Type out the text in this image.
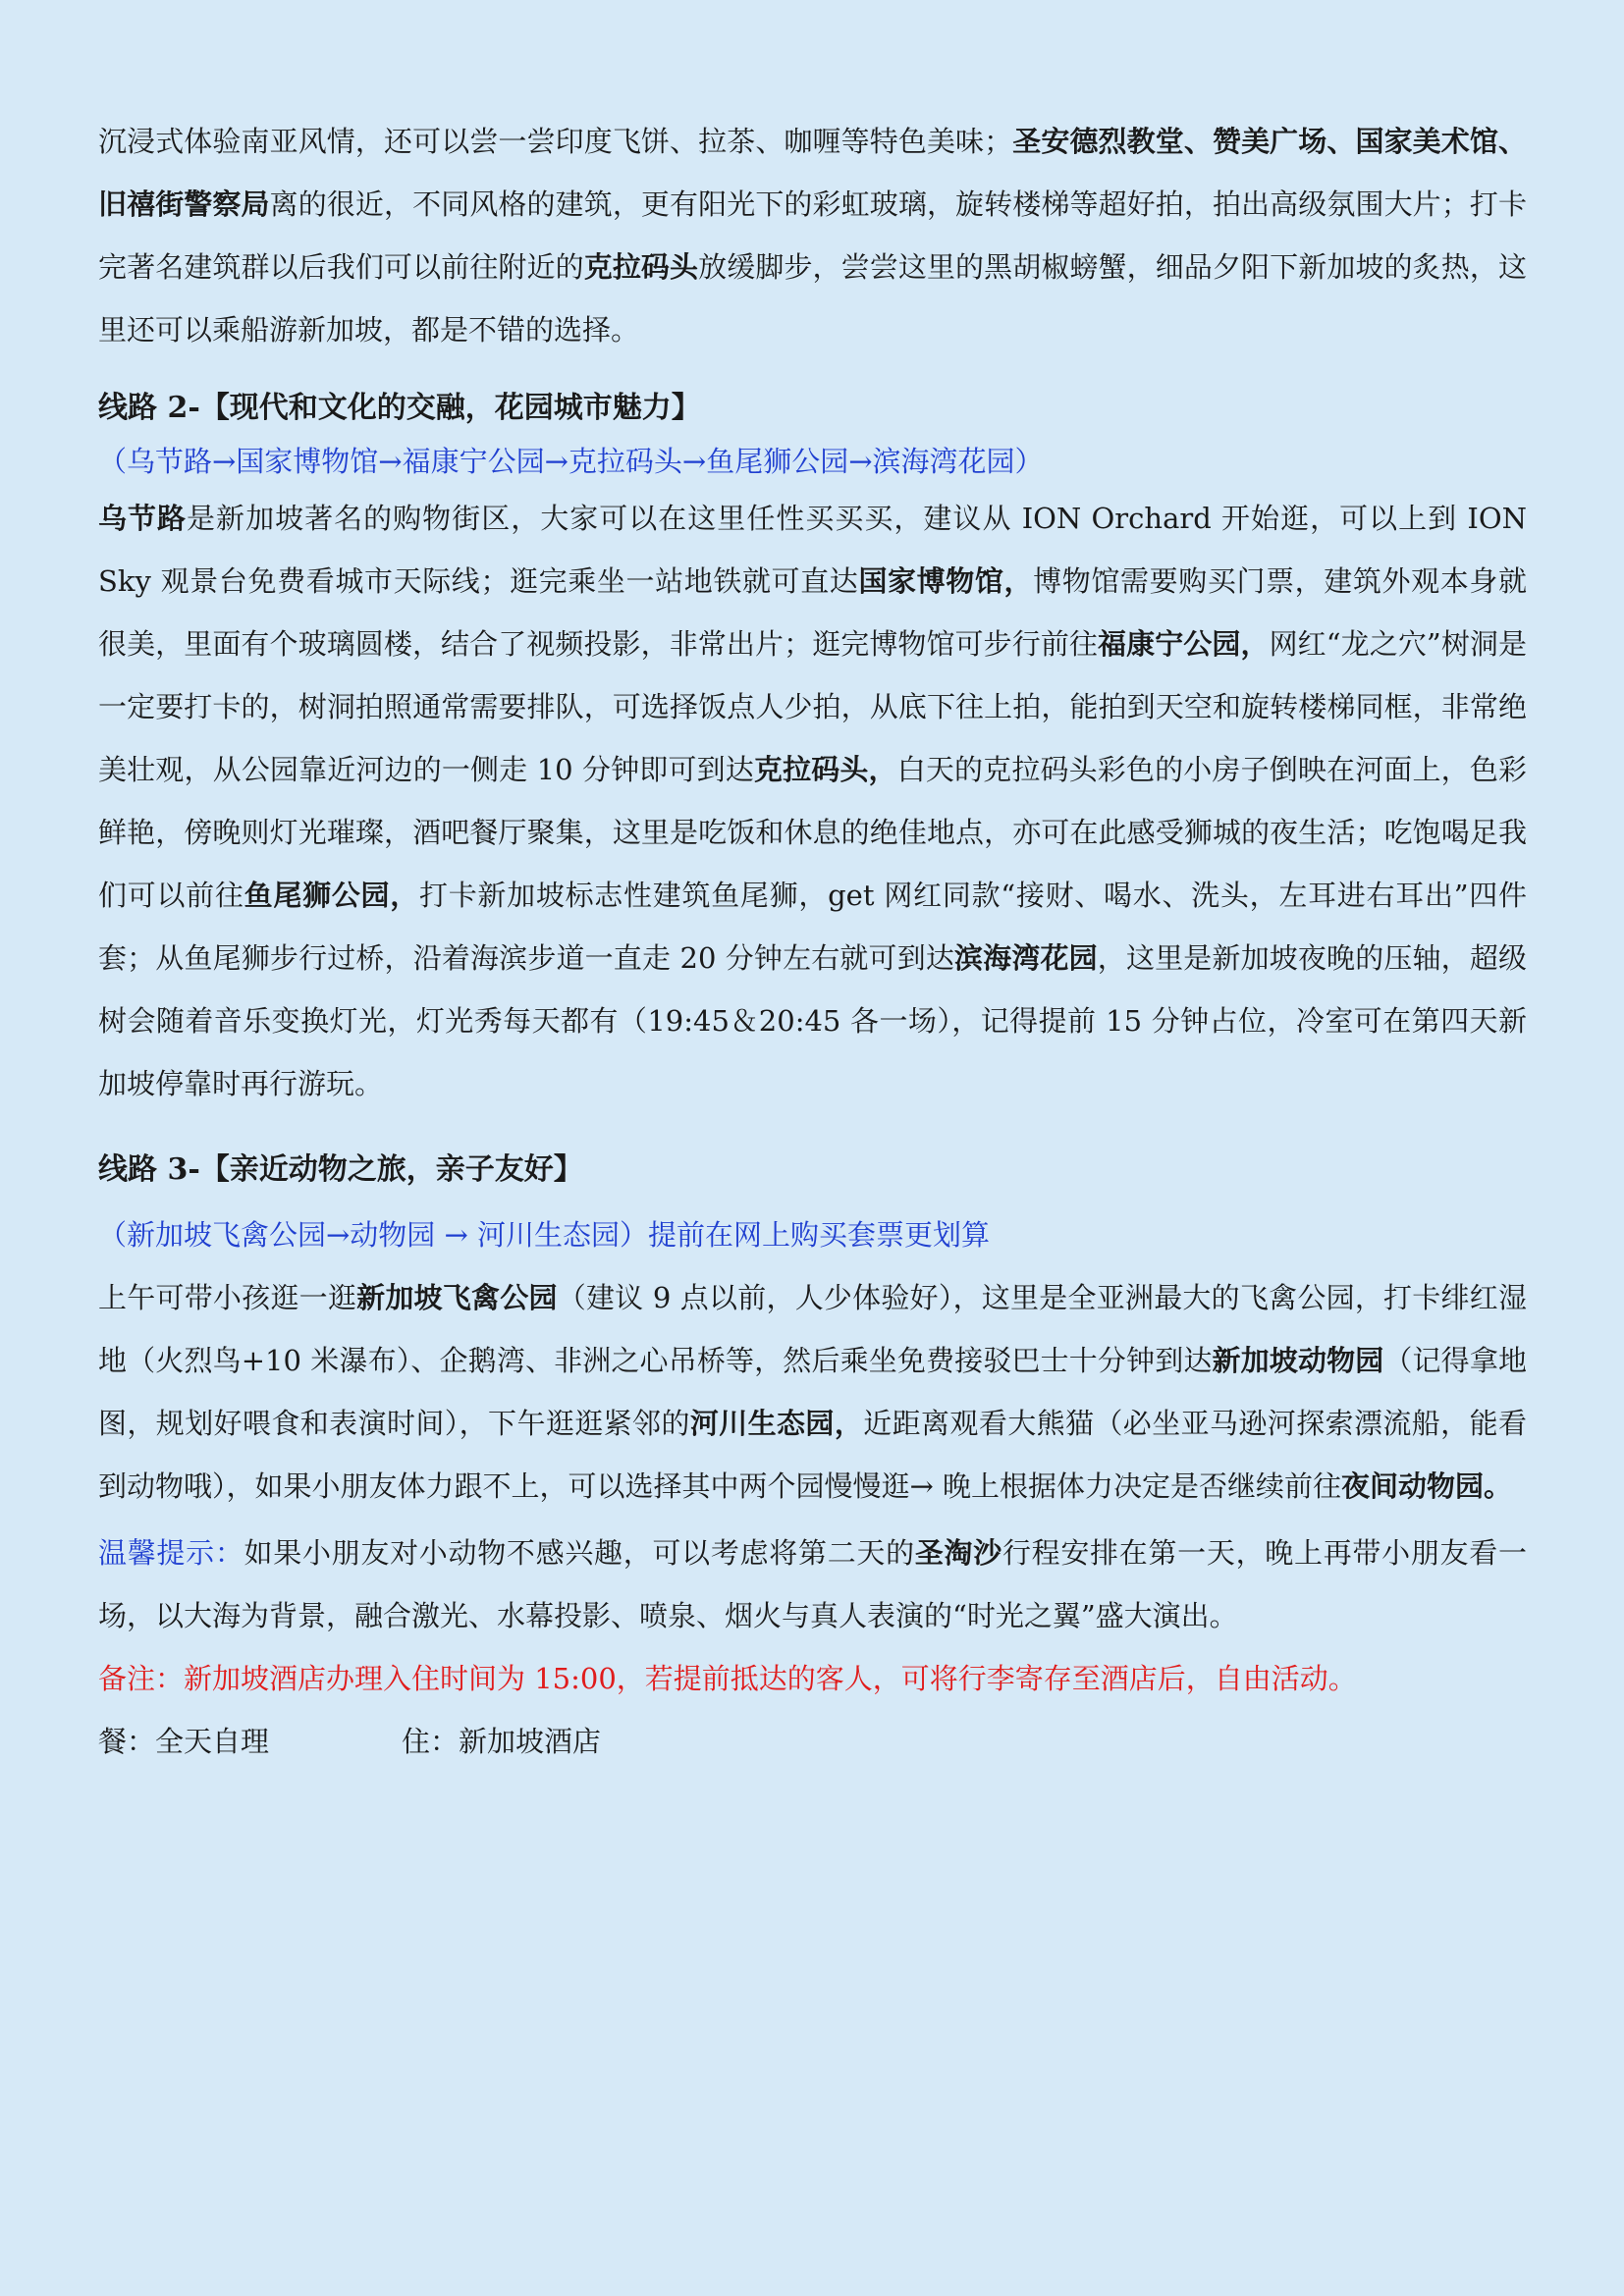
沉浸式体验南亚风情，还可以尝一尝印度飞饼、拉茶、咖喱等特色美味；圣安德烈教堂、赞美广场、国家美术馆、旧禧街警察局离的很近，不同风格的建筑，更有阳光下的彩虹玻璃，旋转楼梯等超好拍，拍出高级氛围大片；打卡完著名建筑群以后我们可以前往附近的克拉码头放缓脚步，尝尝这里的黑胡椒螃蟹，细品夕阳下新加坡的炙热，这里还可以乘船游新加坡，都是不错的选择。

线路 2-【现代和文化的交融，花园城市魅力】

（乌节路→国家博物馆→福康宁公园→克拉码头→鱼尾狮公园→滨海湾花园）

乌节路是新加坡著名的购物街区，大家可以在这里任性买买买，建议从 ION Orchard 开始逛，可以上到 ION Sky 观景台免费看城市天际线；逛完乘坐一站地铁就可直达国家博物馆，博物馆需要购买门票，建筑外观本身就很美，里面有个玻璃圆楼，结合了视频投影，非常出片；逛完博物馆可步行前往福康宁公园，网红“龙之穴”树洞是一定要打卡的，树洞拍照通常需要排队，可选择饭点人少拍，从底下往上拍，能拍到天空和旋转楼梯同框，非常绝美壮观，从公园靠近河边的一侧走 10 分钟即可到达克拉码头，白天的克拉码头彩色的小房子倒映在河面上，色彩鲜艳，傍晚则灯光璀璨，酒吧餐厅聚集，这里是吃饭和休息的绝佳地点，亦可在此感受狮城的夜生活；吃饱喝足我们可以前往鱼尾狮公园，打卡新加坡标志性建筑鱼尾狮，get 网红同款“接财、喝水、洗头，左耳进右耳出”四件套；从鱼尾狮步行过桥，沿着海滨步道一直走 20 分钟左右就可到达滨海湾花园，这里是新加坡夜晚的压轴，超级树会随着音乐变换灯光，灯光秀每天都有（19:45＆20:45 各一场），记得提前 15 分钟占位，冷室可在第四天新加坡停靠时再行游玩。

线路 3-【亲近动物之旅，亲子友好】

（新加坡飞禽公园→动物园 → 河川生态园）提前在网上购买套票更划算

上午可带小孩逛一逛新加坡飞禽公园（建议 9 点以前，人少体验好），这里是全亚洲最大的飞禽公园，打卡绯红湿地（火烈鸟+10 米瀑布）、企鹅湾、非洲之心吊桥等，然后乘坐免费接驳巴士十分钟到达新加坡动物园（记得拿地图，规划好喂食和表演时间），下午逛逛紧邻的河川生态园，近距离观看大熊猫（必坐亚马逊河探索漂流船，能看到动物哦），如果小朋友体力跟不上，可以选择其中两个园慢慢逛→ 晚上根据体力决定是否继续前往夜间动物园。

温馨提示：如果小朋友对小动物不感兴趣，可以考虑将第二天的圣淘沙行程安排在第一天，晚上再带小朋友看一场，以大海为背景，融合激光、水幕投影、喷泉、烟火与真人表演的“时光之翼”盛大演出。

备注：新加坡酒店办理入住时间为 15:00，若提前抵达的客人，可将行李寄存至酒店后，自由活动。

餐：全天自理	住：新加坡酒店
